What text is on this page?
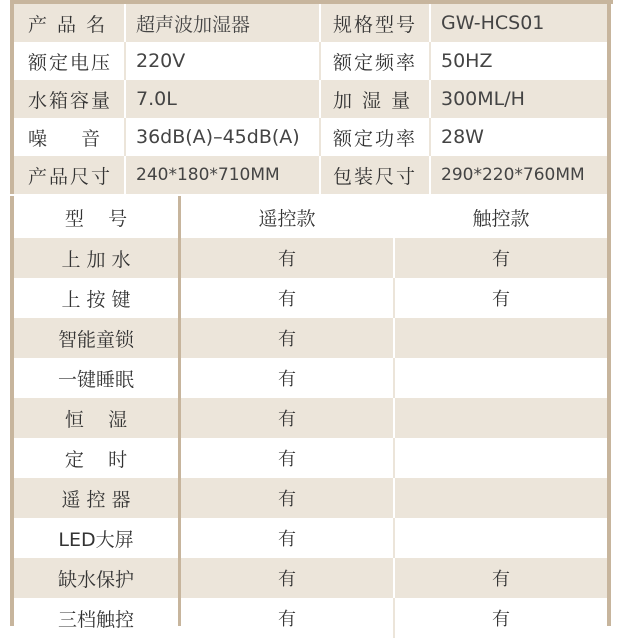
产 品 名	超声波加湿器	规格型号	GW-HCS01
额定电压	220V	额定频率	50HZ
水箱容量	7.0L	加 湿 量	300ML/H
噪    音	36dB(A)–45dB(A)	额定功率	28W
产品尺寸	240*180*710MM	包装尺寸	290*220*760MM
型    号	遥控款	触控款
上 加 水	有	有
上 按 键	有	有
智能童锁	有
一键睡眠	有
恒    湿	有
定    时	有
遥 控 器	有
LED大屏	有
缺水保护	有	有
三档触控	有	有
